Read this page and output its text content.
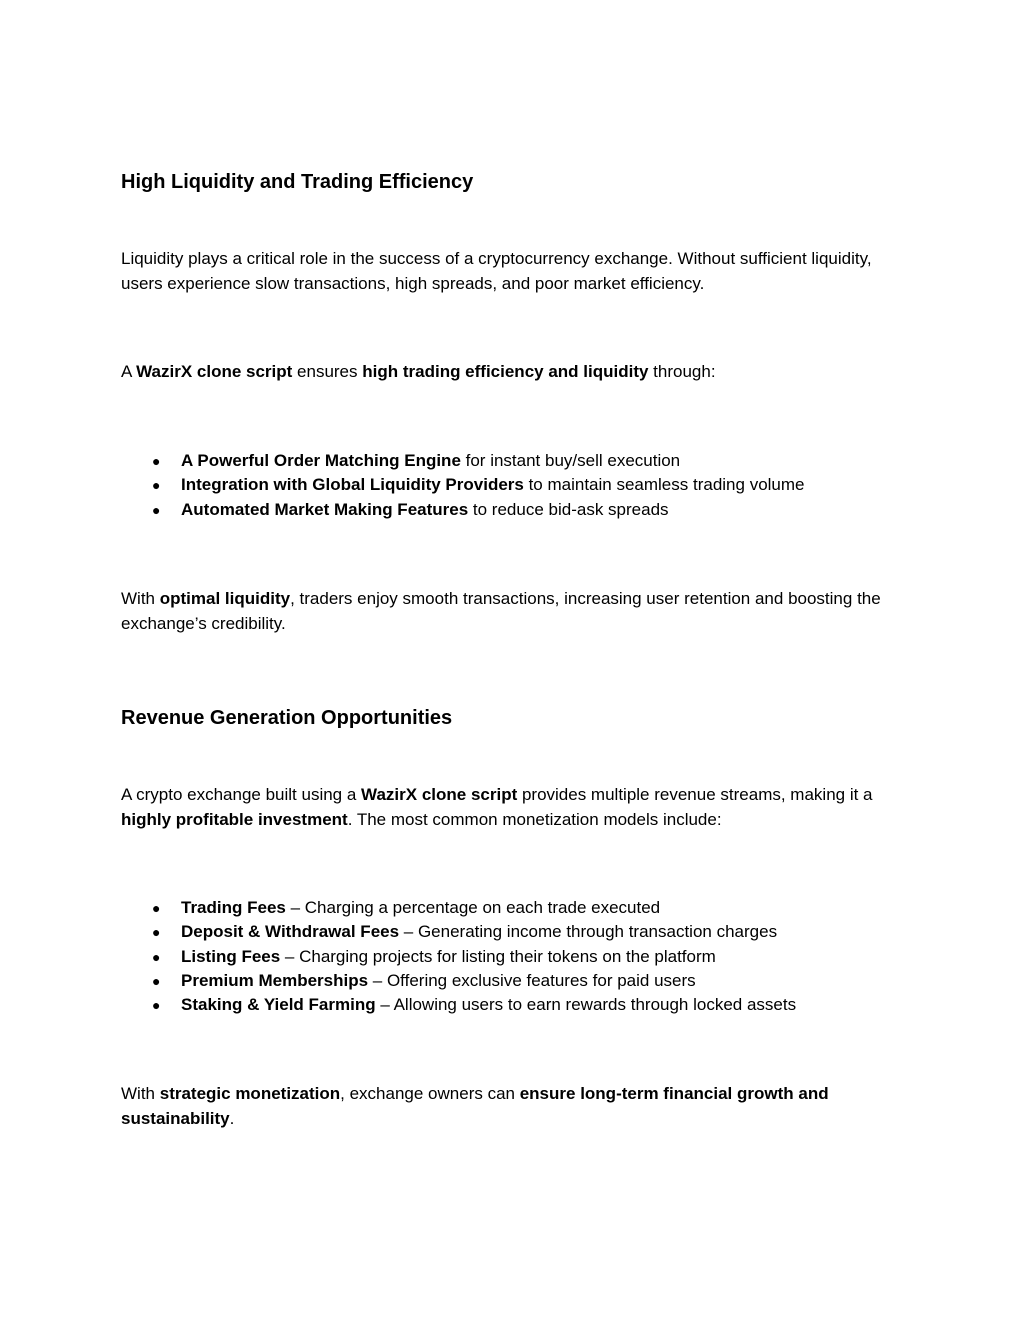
High Liquidity and Trading Efficiency

Liquidity plays a critical role in the success of a cryptocurrency exchange. Without sufficient liquidity, users experience slow transactions, high spreads, and poor market efficiency.

A WazirX clone script ensures high trading efficiency and liquidity through:

● A Powerful Order Matching Engine for instant buy/sell execution
● Integration with Global Liquidity Providers to maintain seamless trading volume
● Automated Market Making Features to reduce bid-ask spreads

With optimal liquidity, traders enjoy smooth transactions, increasing user retention and boosting the exchange’s credibility.

Revenue Generation Opportunities

A crypto exchange built using a WazirX clone script provides multiple revenue streams, making it a highly profitable investment. The most common monetization models include:

● Trading Fees – Charging a percentage on each trade executed
● Deposit & Withdrawal Fees – Generating income through transaction charges
● Listing Fees – Charging projects for listing their tokens on the platform
● Premium Memberships – Offering exclusive features for paid users
● Staking & Yield Farming – Allowing users to earn rewards through locked assets

With strategic monetization, exchange owners can ensure long-term financial growth and sustainability.
